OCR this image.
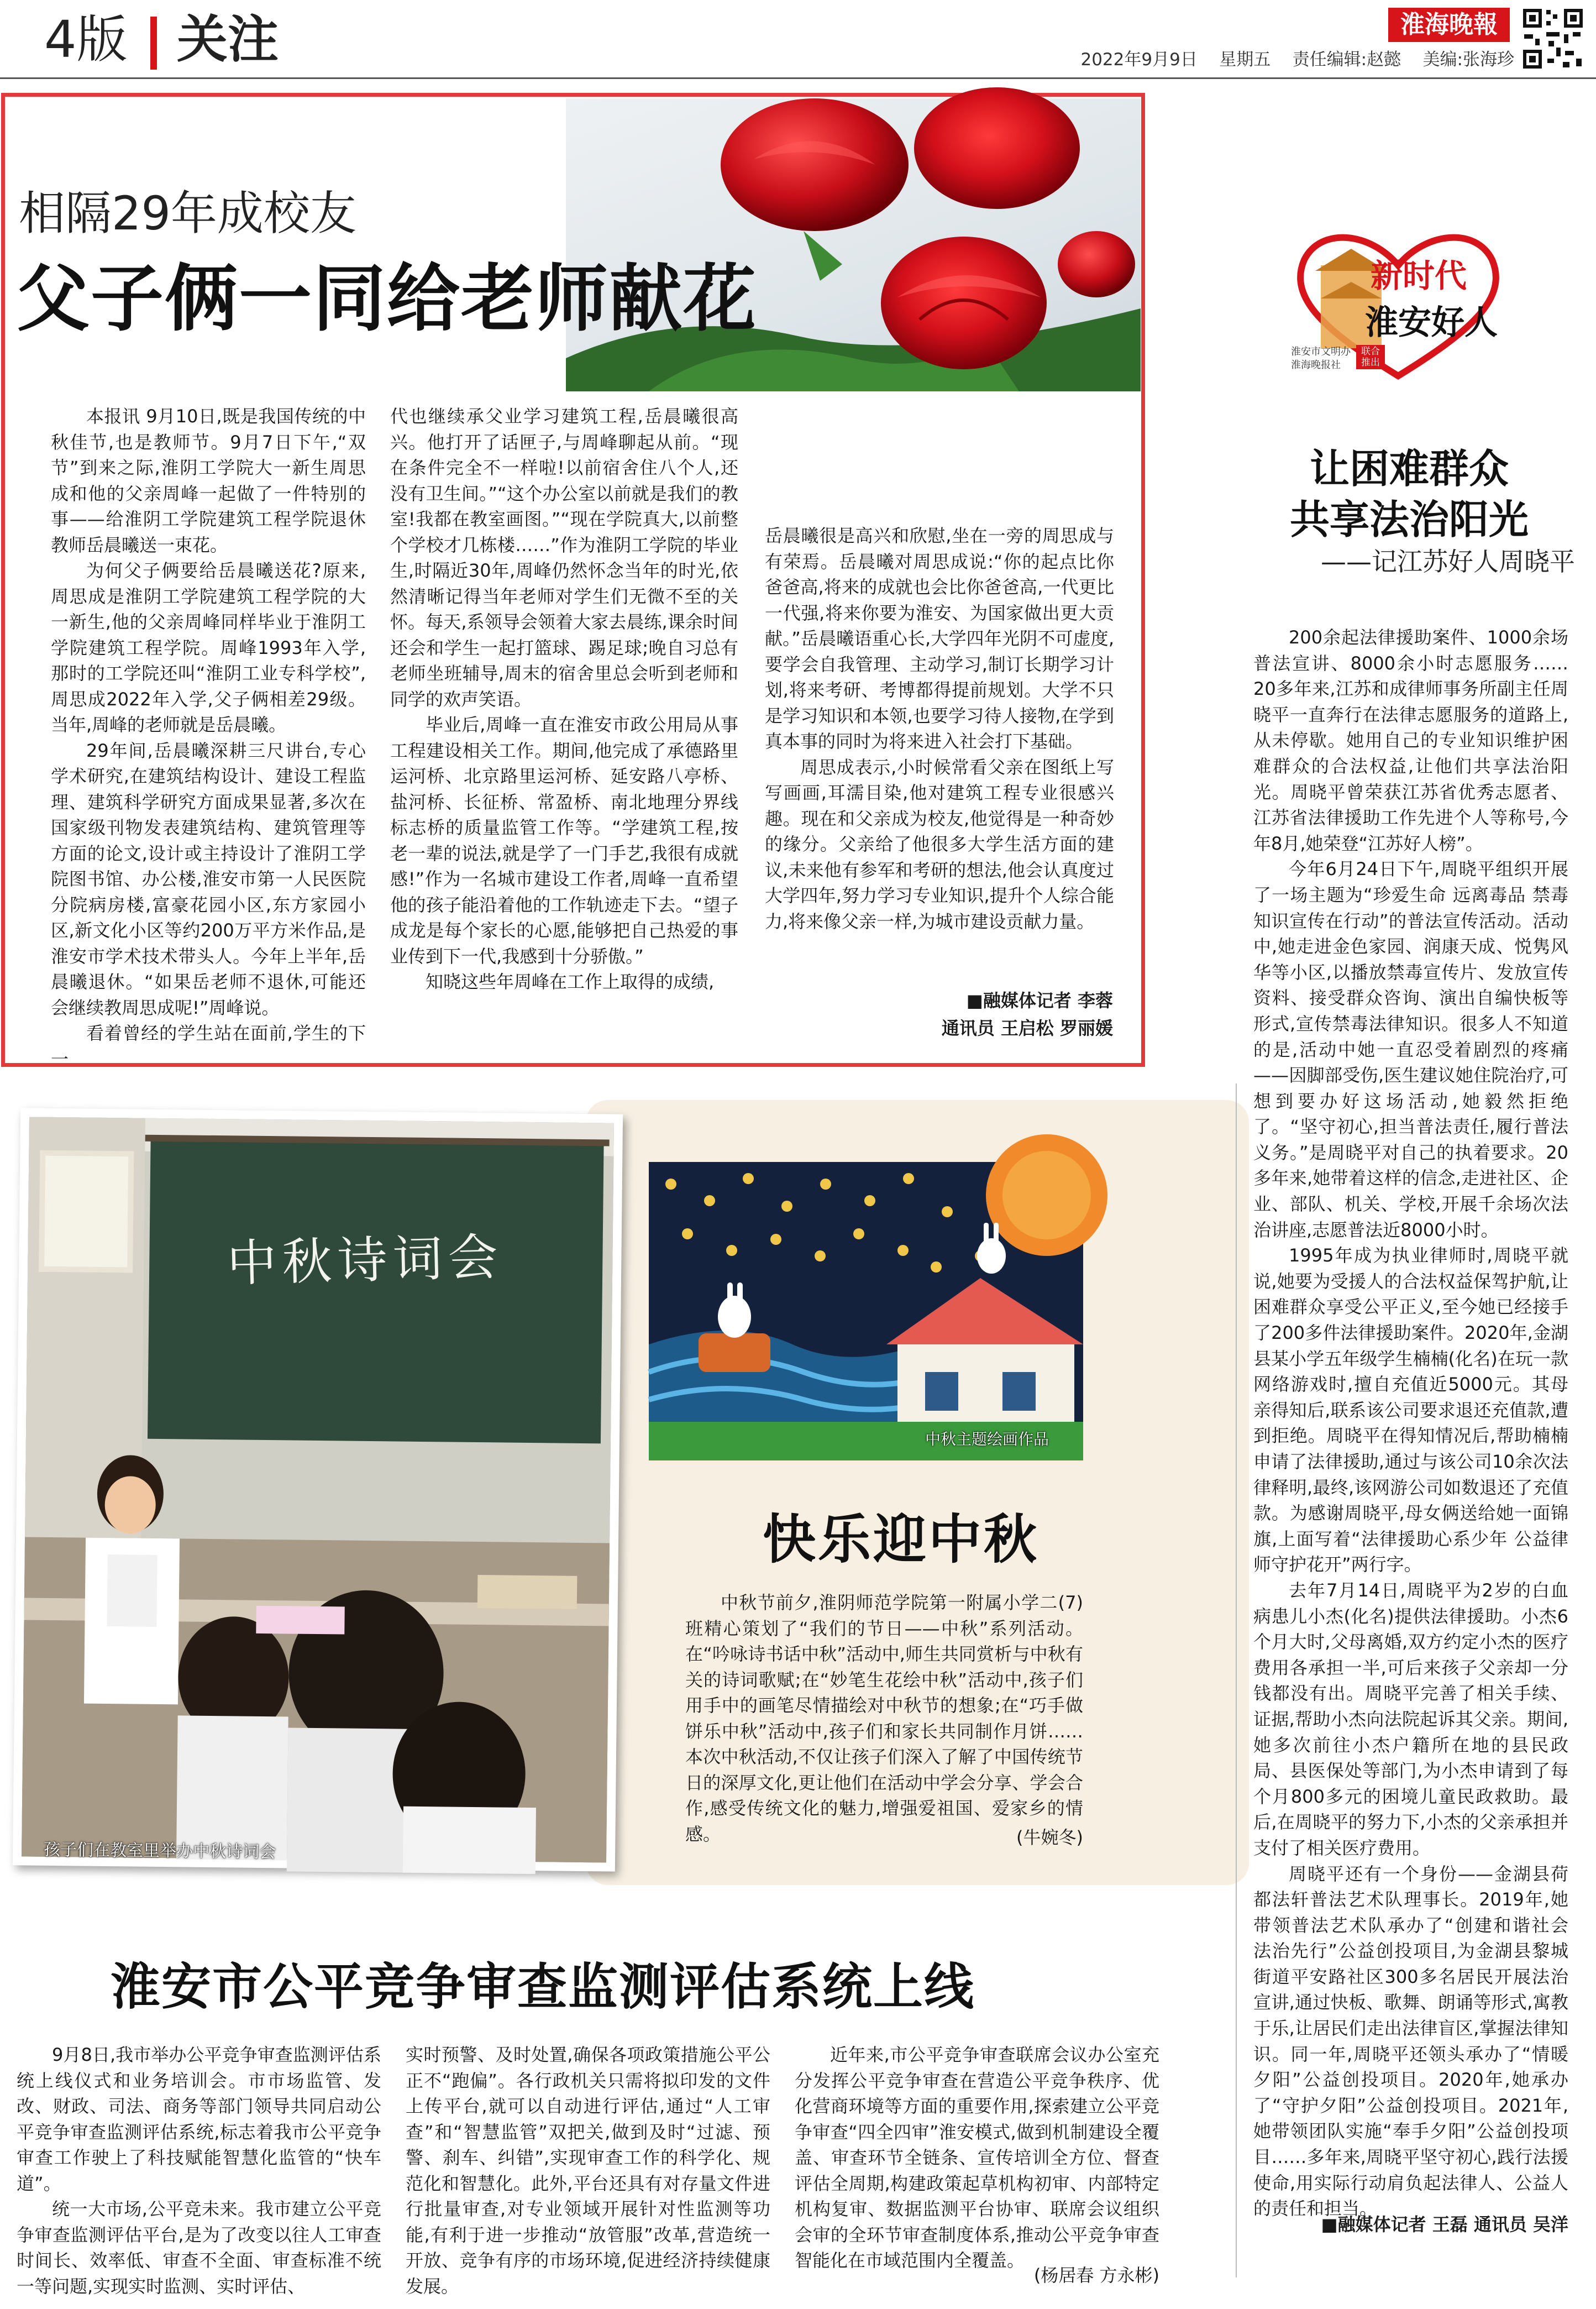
4版 关注	淮海晚報
2022年9月9日 星期五 责任编辑:赵懿 美编:张海珍
相隔29年成校友
父子俩一同给老师献花

本报讯 9月10日,既是我国传统的中秋佳节,也是教师节。9月7日下午,“双节”到来之际,淮阴工学院大一新生周思成和他的父亲周峰一起做了一件特别的事——给淮阴工学院建筑工程学院退休教师岳晨曦送一束花。

为何父子俩要给岳晨曦送花?原来,周思成是淮阴工学院建筑工程学院的大一新生,他的父亲周峰同样毕业于淮阴工学院建筑工程学院。周峰1993年入学,那时的工学院还叫“淮阴工业专科学校”,周思成2022年入学,父子俩相差29级。当年,周峰的老师就是岳晨曦。

29年间,岳晨曦深耕三尺讲台,专心学术研究,在建筑结构设计、建设工程监理、建筑科学研究方面成果显著,多次在国家级刊物发表建筑结构、建筑管理等方面的论文,设计或主持设计了淮阴工学院图书馆、办公楼,淮安市第一人民医院分院病房楼,富豪花园小区,东方家园小区,新文化小区等约200万平方米作品,是淮安市学术技术带头人。今年上半年,岳晨曦退休。“如果岳老师不退休,可能还会继续教周思成呢!”周峰说。

看着曾经的学生站在面前,学生的下一

代也继续承父业学习建筑工程,岳晨曦很高兴。他打开了话匣子,与周峰聊起从前。“现在条件完全不一样啦!以前宿舍住八个人,还没有卫生间。”“这个办公室以前就是我们的教室!我都在教室画图。”“现在学院真大,以前整个学校才几栋楼……”作为淮阴工学院的毕业生,时隔近30年,周峰仍然怀念当年的时光,依然清晰记得当年老师对学生们无微不至的关怀。每天,系领导会领着大家去晨练,课余时间还会和学生一起打篮球、踢足球;晚自习总有老师坐班辅导,周末的宿舍里总会听到老师和同学的欢声笑语。

毕业后,周峰一直在淮安市政公用局从事工程建设相关工作。期间,他完成了承德路里运河桥、北京路里运河桥、延安路八亭桥、盐河桥、长征桥、常盈桥、南北地理分界线标志桥的质量监管工作等。“学建筑工程,按老一辈的说法,就是学了一门手艺,我很有成就感!”作为一名城市建设工作者,周峰一直希望他的孩子能沿着他的工作轨迹走下去。“望子成龙是每个家长的心愿,能够把自己热爱的事业传到下一代,我感到十分骄傲。”

知晓这些年周峰在工作上取得的成绩,

岳晨曦很是高兴和欣慰,坐在一旁的周思成与有荣焉。岳晨曦对周思成说:“你的起点比你爸爸高,将来的成就也会比你爸爸高,一代更比一代强,将来你要为淮安、为国家做出更大贡献。”岳晨曦语重心长,大学四年光阴不可虚度,要学会自我管理、主动学习,制订长期学习计划,将来考研、考博都得提前规划。大学不只是学习知识和本领,也要学习待人接物,在学到真本事的同时为将来进入社会打下基础。

周思成表示,小时候常看父亲在图纸上写写画画,耳濡目染,他对建筑工程专业很感兴趣。现在和父亲成为校友,他觉得是一种奇妙的缘分。父亲给了他很多大学生活方面的建议,未来他有参军和考研的想法,他会认真度过大学四年,努力学习专业知识,提升个人综合能力,将来像父亲一样,为城市建设贡献力量。

■融媒体记者 李蓉
通讯员 王启松 罗丽媛
新时代
淮安好人
淮安市文明办
淮海晚报社
联合推出
让困难群众
共享法治阳光
——记江苏好人周晓平

200余起法律援助案件、1000余场普法宣讲、8000余小时志愿服务……20多年来,江苏和成律师事务所副主任周晓平一直奔行在法律志愿服务的道路上,从未停歇。她用自己的专业知识维护困难群众的合法权益,让他们共享法治阳光。周晓平曾荣获江苏省优秀志愿者、江苏省法律援助工作先进个人等称号,今年8月,她荣登“江苏好人榜”。

今年6月24日下午,周晓平组织开展了一场主题为“珍爱生命 远离毒品 禁毒知识宣传在行动”的普法宣传活动。活动中,她走进金色家园、润康天成、悦隽风华等小区,以播放禁毒宣传片、发放宣传资料、接受群众咨询、演出自编快板等形式,宣传禁毒法律知识。很多人不知道的是,活动中她一直忍受着剧烈的疼痛——因脚部受伤,医生建议她住院治疗,可想到要办好这场活动,她毅然拒绝了。“坚守初心,担当普法责任,履行普法义务。”是周晓平对自己的执着要求。20多年来,她带着这样的信念,走进社区、企业、部队、机关、学校,开展千余场次法治讲座,志愿普法近8000小时。

1995年成为执业律师时,周晓平就说,她要为受援人的合法权益保驾护航,让困难群众享受公平正义,至今她已经接手了200多件法律援助案件。2020年,金湖县某小学五年级学生楠楠(化名)在玩一款网络游戏时,擅自充值近5000元。其母亲得知后,联系该公司要求退还充值款,遭到拒绝。周晓平在得知情况后,帮助楠楠申请了法律援助,通过与该公司10余次法律释明,最终,该网游公司如数退还了充值款。为感谢周晓平,母女俩送给她一面锦旗,上面写着“法律援助心系少年 公益律师守护花开”两行字。

去年7月14日,周晓平为2岁的白血病患儿小杰(化名)提供法律援助。小杰6个月大时,父母离婚,双方约定小杰的医疗费用各承担一半,可后来孩子父亲却一分钱都没有出。周晓平完善了相关手续、证据,帮助小杰向法院起诉其父亲。期间,她多次前往小杰户籍所在地的县民政局、县医保处等部门,为小杰申请到了每个月800多元的困境儿童民政救助。最后,在周晓平的努力下,小杰的父亲承担并支付了相关医疗费用。

周晓平还有一个身份——金湖县荷都法轩普法艺术队理事长。2019年,她带领普法艺术队承办了“创建和谐社会 法治先行”公益创投项目,为金湖县黎城街道平安路社区300多名居民开展法治宣讲,通过快板、歌舞、朗诵等形式,寓教于乐,让居民们走出法律盲区,掌握法律知识。同一年,周晓平还领头承办了“情暖夕阳”公益创投项目。2020年,她承办了“守护夕阳”公益创投项目。2021年,她带领团队实施“奉手夕阳”公益创投项目……多年来,周晓平坚守初心,践行法援使命,用实际行动肩负起法律人、公益人的责任和担当。

■融媒体记者 王磊 通讯员 吴洋
中秋诗词会
孩子们在教室里举办中秋诗词会
中秋主题绘画作品
快乐迎中秋
中秋节前夕,淮阴师范学院第一附属小学二(7)班精心策划了“我们的节日——中秋”系列活动。在“吟咏诗书话中秋”活动中,师生共同赏析与中秋有关的诗词歌赋;在“妙笔生花绘中秋”活动中,孩子们用手中的画笔尽情描绘对中秋节的想象;在“巧手做饼乐中秋”活动中,孩子们和家长共同制作月饼……本次中秋活动,不仅让孩子们深入了解了中国传统节日的深厚文化,更让他们在活动中学会分享、学会合作,感受传统文化的魅力,增强爱祖国、爱家乡的情感。	(牛婉冬)
淮安市公平竞争审查监测评估系统上线

9月8日,我市举办公平竞争审查监测评估系统上线仪式和业务培训会。市市场监管、发改、财政、司法、商务等部门领导共同启动公平竞争审查监测评估系统,标志着我市公平竞争审查工作驶上了科技赋能智慧化监管的“快车道”。

统一大市场,公平竞未来。我市建立公平竞争审查监测评估平台,是为了改变以往人工审查时间长、效率低、审查不全面、审查标准不统一等问题,实现实时监测、实时评估、

实时预警、及时处置,确保各项政策措施公平公正不“跑偏”。各行政机关只需将拟印发的文件上传平台,就可以自动进行评估,通过“人工审查”和“智慧监管”双把关,做到及时“过滤、预警、刹车、纠错”,实现审查工作的科学化、规范化和智慧化。此外,平台还具有对存量文件进行批量审查,对专业领域开展针对性监测等功能,有利于进一步推动“放管服”改革,营造统一开放、竞争有序的市场环境,促进经济持续健康发展。

近年来,市公平竞争审查联席会议办公室充分发挥公平竞争审查在营造公平竞争秩序、优化营商环境等方面的重要作用,探索建立公平竞争审查“四全四审”淮安模式,做到机制建设全覆盖、审查环节全链条、宣传培训全方位、督查评估全周期,构建政策起草机构初审、内部特定机构复审、数据监测平台协审、联席会议组织会审的全环节审查制度体系,推动公平竞争审查智能化在市域范围内全覆盖。

(杨居春 方永彬)
